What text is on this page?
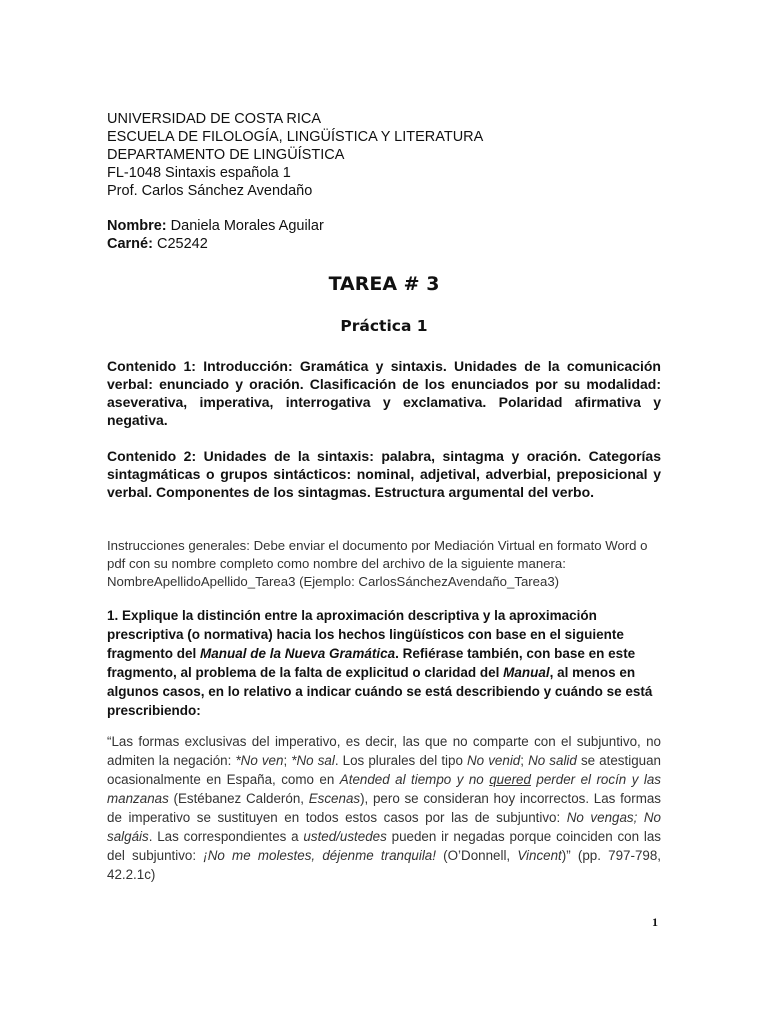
UNIVERSIDAD DE COSTA RICA
ESCUELA DE FILOLOGÍA, LINGÜÍSTICA Y LITERATURA
DEPARTAMENTO DE LINGÜÍSTICA
FL-1048 Sintaxis española 1
Prof. Carlos Sánchez Avendaño
Nombre: Daniela Morales Aguilar
Carné: C25242
TAREA # 3
Práctica 1
Contenido 1: Introducción: Gramática y sintaxis. Unidades de la comunicación verbal: enunciado y oración. Clasificación de los enunciados por su modalidad: aseverativa, imperativa, interrogativa y exclamativa. Polaridad afirmativa y negativa.
Contenido 2: Unidades de la sintaxis: palabra, sintagma y oración. Categorías sintagmáticas o grupos sintácticos: nominal, adjetival, adverbial, preposicional y verbal. Componentes de los sintagmas. Estructura argumental del verbo.
Instrucciones generales: Debe enviar el documento por Mediación Virtual en formato Word o pdf con su nombre completo como nombre del archivo de la siguiente manera: NombreApellidoApellido_Tarea3 (Ejemplo: CarlosSánchezAvendaño_Tarea3)
1. Explique la distinción entre la aproximación descriptiva y la aproximación prescriptiva (o normativa) hacia los hechos lingüísticos con base en el siguiente fragmento del Manual de la Nueva Gramática. Refiérase también, con base en este fragmento, al problema de la falta de explicitud o claridad del Manual, al menos en algunos casos, en lo relativo a indicar cuándo se está describiendo y cuándo se está prescribiendo:
“Las formas exclusivas del imperativo, es decir, las que no comparte con el subjuntivo, no admiten la negación: *No ven; *No sal. Los plurales del tipo No venid; No salid se atestiguan ocasionalmente en España, como en Atended al tiempo y no quered perder el rocín y las manzanas (Estébanez Calderón, Escenas), pero se consideran hoy incorrectos. Las formas de imperativo se sustituyen en todos estos casos por las de subjuntivo: No vengas; No salgáis. Las correspondientes a usted/ustedes pueden ir negadas porque coinciden con las del subjuntivo: ¡No me molestes, déjenme tranquila! (O’Donnell, Vincent)” (pp. 797-798, 42.2.1c)
1
